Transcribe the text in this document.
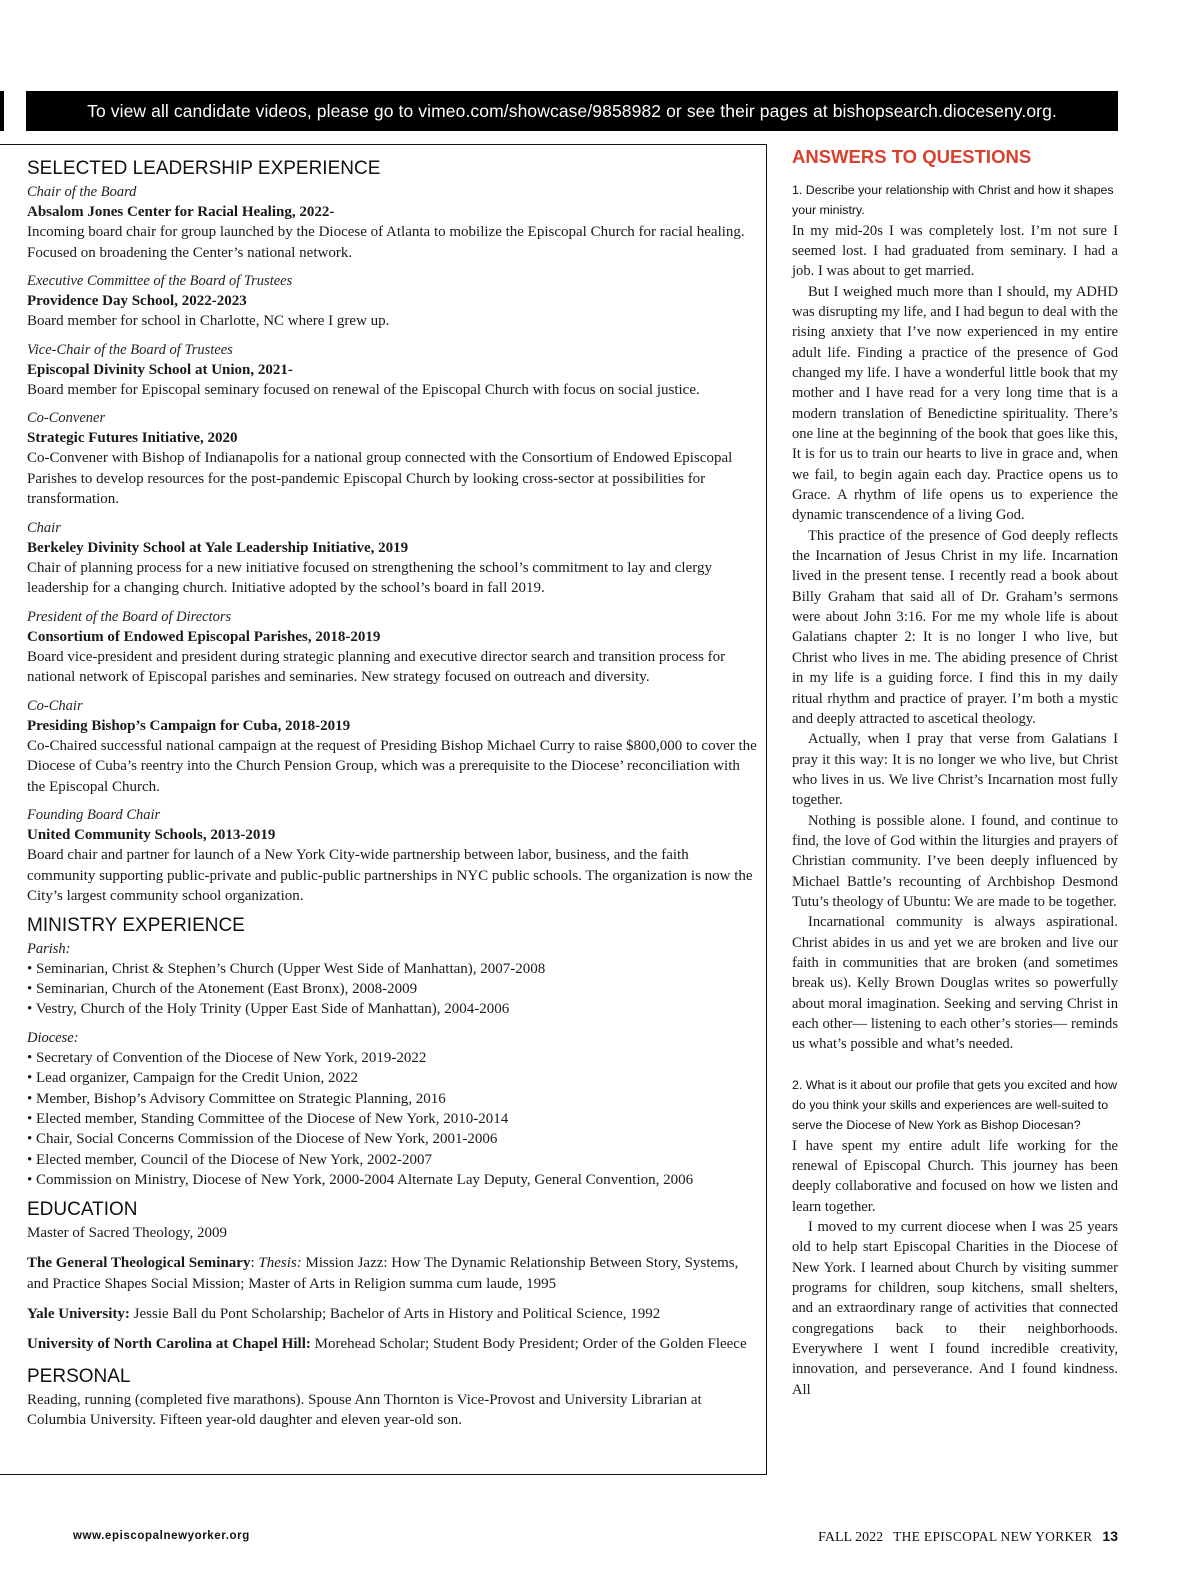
To view all candidate videos, please go to vimeo.com/showcase/9858982 or see their pages at bishopsearch.dioceseny.org.
SELECTED LEADERSHIP EXPERIENCE
Chair of the Board
Absalom Jones Center for Racial Healing, 2022-
Incoming board chair for group launched by the Diocese of Atlanta to mobilize the Episcopal Church for racial healing. Focused on broadening the Center’s national network.
Executive Committee of the Board of Trustees
Providence Day School, 2022-2023
Board member for school in Charlotte, NC where I grew up.
Vice-Chair of the Board of Trustees
Episcopal Divinity School at Union, 2021-
Board member for Episcopal seminary focused on renewal of the Episcopal Church with focus on social justice.
Co-Convener
Strategic Futures Initiative, 2020
Co-Convener with Bishop of Indianapolis for a national group connected with the Consortium of Endowed Episcopal Parishes to develop resources for the post-pandemic Episcopal Church by looking cross-sector at possibilities for transformation.
Chair
Berkeley Divinity School at Yale Leadership Initiative, 2019
Chair of planning process for a new initiative focused on strengthening the school’s commitment to lay and clergy leadership for a changing church. Initiative adopted by the school’s board in fall 2019.
President of the Board of Directors
Consortium of Endowed Episcopal Parishes, 2018-2019
Board vice-president and president during strategic planning and executive director search and transition process for national network of Episcopal parishes and seminaries. New strategy focused on outreach and diversity.
Co-Chair
Presiding Bishop’s Campaign for Cuba, 2018-2019
Co-Chaired successful national campaign at the request of Presiding Bishop Michael Curry to raise $800,000 to cover the Diocese of Cuba’s reentry into the Church Pension Group, which was a prerequisite to the Diocese’ reconciliation with the Episcopal Church.
Founding Board Chair
United Community Schools, 2013-2019
Board chair and partner for launch of a New York City-wide partnership between labor, business, and the faith community supporting public-private and public-public partnerships in NYC public schools. The organization is now the City’s largest community school organization.
MINISTRY EXPERIENCE
Parish:
• Seminarian, Christ & Stephen’s Church (Upper West Side of Manhattan), 2007-2008
• Seminarian, Church of the Atonement (East Bronx), 2008-2009
• Vestry, Church of the Holy Trinity (Upper East Side of Manhattan), 2004-2006
Diocese:
• Secretary of Convention of the Diocese of New York, 2019-2022
• Lead organizer, Campaign for the Credit Union, 2022
• Member, Bishop’s Advisory Committee on Strategic Planning, 2016
• Elected member, Standing Committee of the Diocese of New York, 2010-2014
• Chair, Social Concerns Commission of the Diocese of New York, 2001-2006
• Elected member, Council of the Diocese of New York, 2002-2007
• Commission on Ministry, Diocese of New York, 2000-2004 Alternate Lay Deputy, General Convention, 2006
EDUCATION
Master of Sacred Theology, 2009
The General Theological Seminary: Thesis: Mission Jazz: How The Dynamic Relationship Between Story, Systems, and Practice Shapes Social Mission; Master of Arts in Religion summa cum laude, 1995
Yale University: Jessie Ball du Pont Scholarship; Bachelor of Arts in History and Political Science, 1992
University of North Carolina at Chapel Hill: Morehead Scholar; Student Body President; Order of the Golden Fleece
PERSONAL
Reading, running (completed five marathons). Spouse Ann Thornton is Vice-Provost and University Librarian at Columbia University. Fifteen year-old daughter and eleven year-old son.
ANSWERS TO QUESTIONS
1. Describe your relationship with Christ and how it shapes your ministry.

In my mid-20s I was completely lost. I’m not sure I seemed lost. I had graduated from seminary. I had a job. I was about to get married.

But I weighed much more than I should, my ADHD was disrupting my life, and I had begun to deal with the rising anxiety that I’ve now experienced in my entire adult life. Finding a practice of the presence of God changed my life. I have a wonderful little book that my mother and I have read for a very long time that is a modern translation of Benedictine spirituality. There’s one line at the beginning of the book that goes like this, It is for us to train our hearts to live in grace and, when we fail, to begin again each day. Practice opens us to Grace. A rhythm of life opens us to experience the dynamic transcendence of a living God.

This practice of the presence of God deeply reflects the Incarnation of Jesus Christ in my life. Incarnation lived in the present tense. I recently read a book about Billy Graham that said all of Dr. Graham’s sermons were about John 3:16. For me my whole life is about Galatians chapter 2: It is no longer I who live, but Christ who lives in me. The abiding presence of Christ in my life is a guiding force. I find this in my daily ritual rhythm and practice of prayer. I’m both a mystic and deeply attracted to ascetical theology.

Actually, when I pray that verse from Galatians I pray it this way: It is no longer we who live, but Christ who lives in us. We live Christ’s Incarnation most fully together.

Nothing is possible alone. I found, and continue to find, the love of God within the liturgies and prayers of Christian community. I’ve been deeply influenced by Michael Battle’s recounting of Archbishop Desmond Tutu’s theology of Ubuntu: We are made to be together.

Incarnational community is always aspirational. Christ abides in us and yet we are broken and live our faith in communities that are broken (and sometimes break us). Kelly Brown Douglas writes so powerfully about moral imagination. Seeking and serving Christ in each other— listening to each other’s stories— reminds us what’s possible and what’s needed.

2. What is it about our profile that gets you excited and how do you think your skills and experiences are well-suited to serve the Diocese of New York as Bishop Diocesan?

I have spent my entire adult life working for the renewal of Episcopal Church. This journey has been deeply collaborative and focused on how we listen and learn together.

I moved to my current diocese when I was 25 years old to help start Episcopal Charities in the Diocese of New York. I learned about Church by visiting summer programs for children, soup kitchens, small shelters, and an extraordinary range of activities that connected congregations back to their neighborhoods. Everywhere I went I found incredible creativity, innovation, and perseverance. And I found kindness. All

www.episcopalnewyorker.org	FALL 2022 THE EPISCOPAL NEW YORKER 13
